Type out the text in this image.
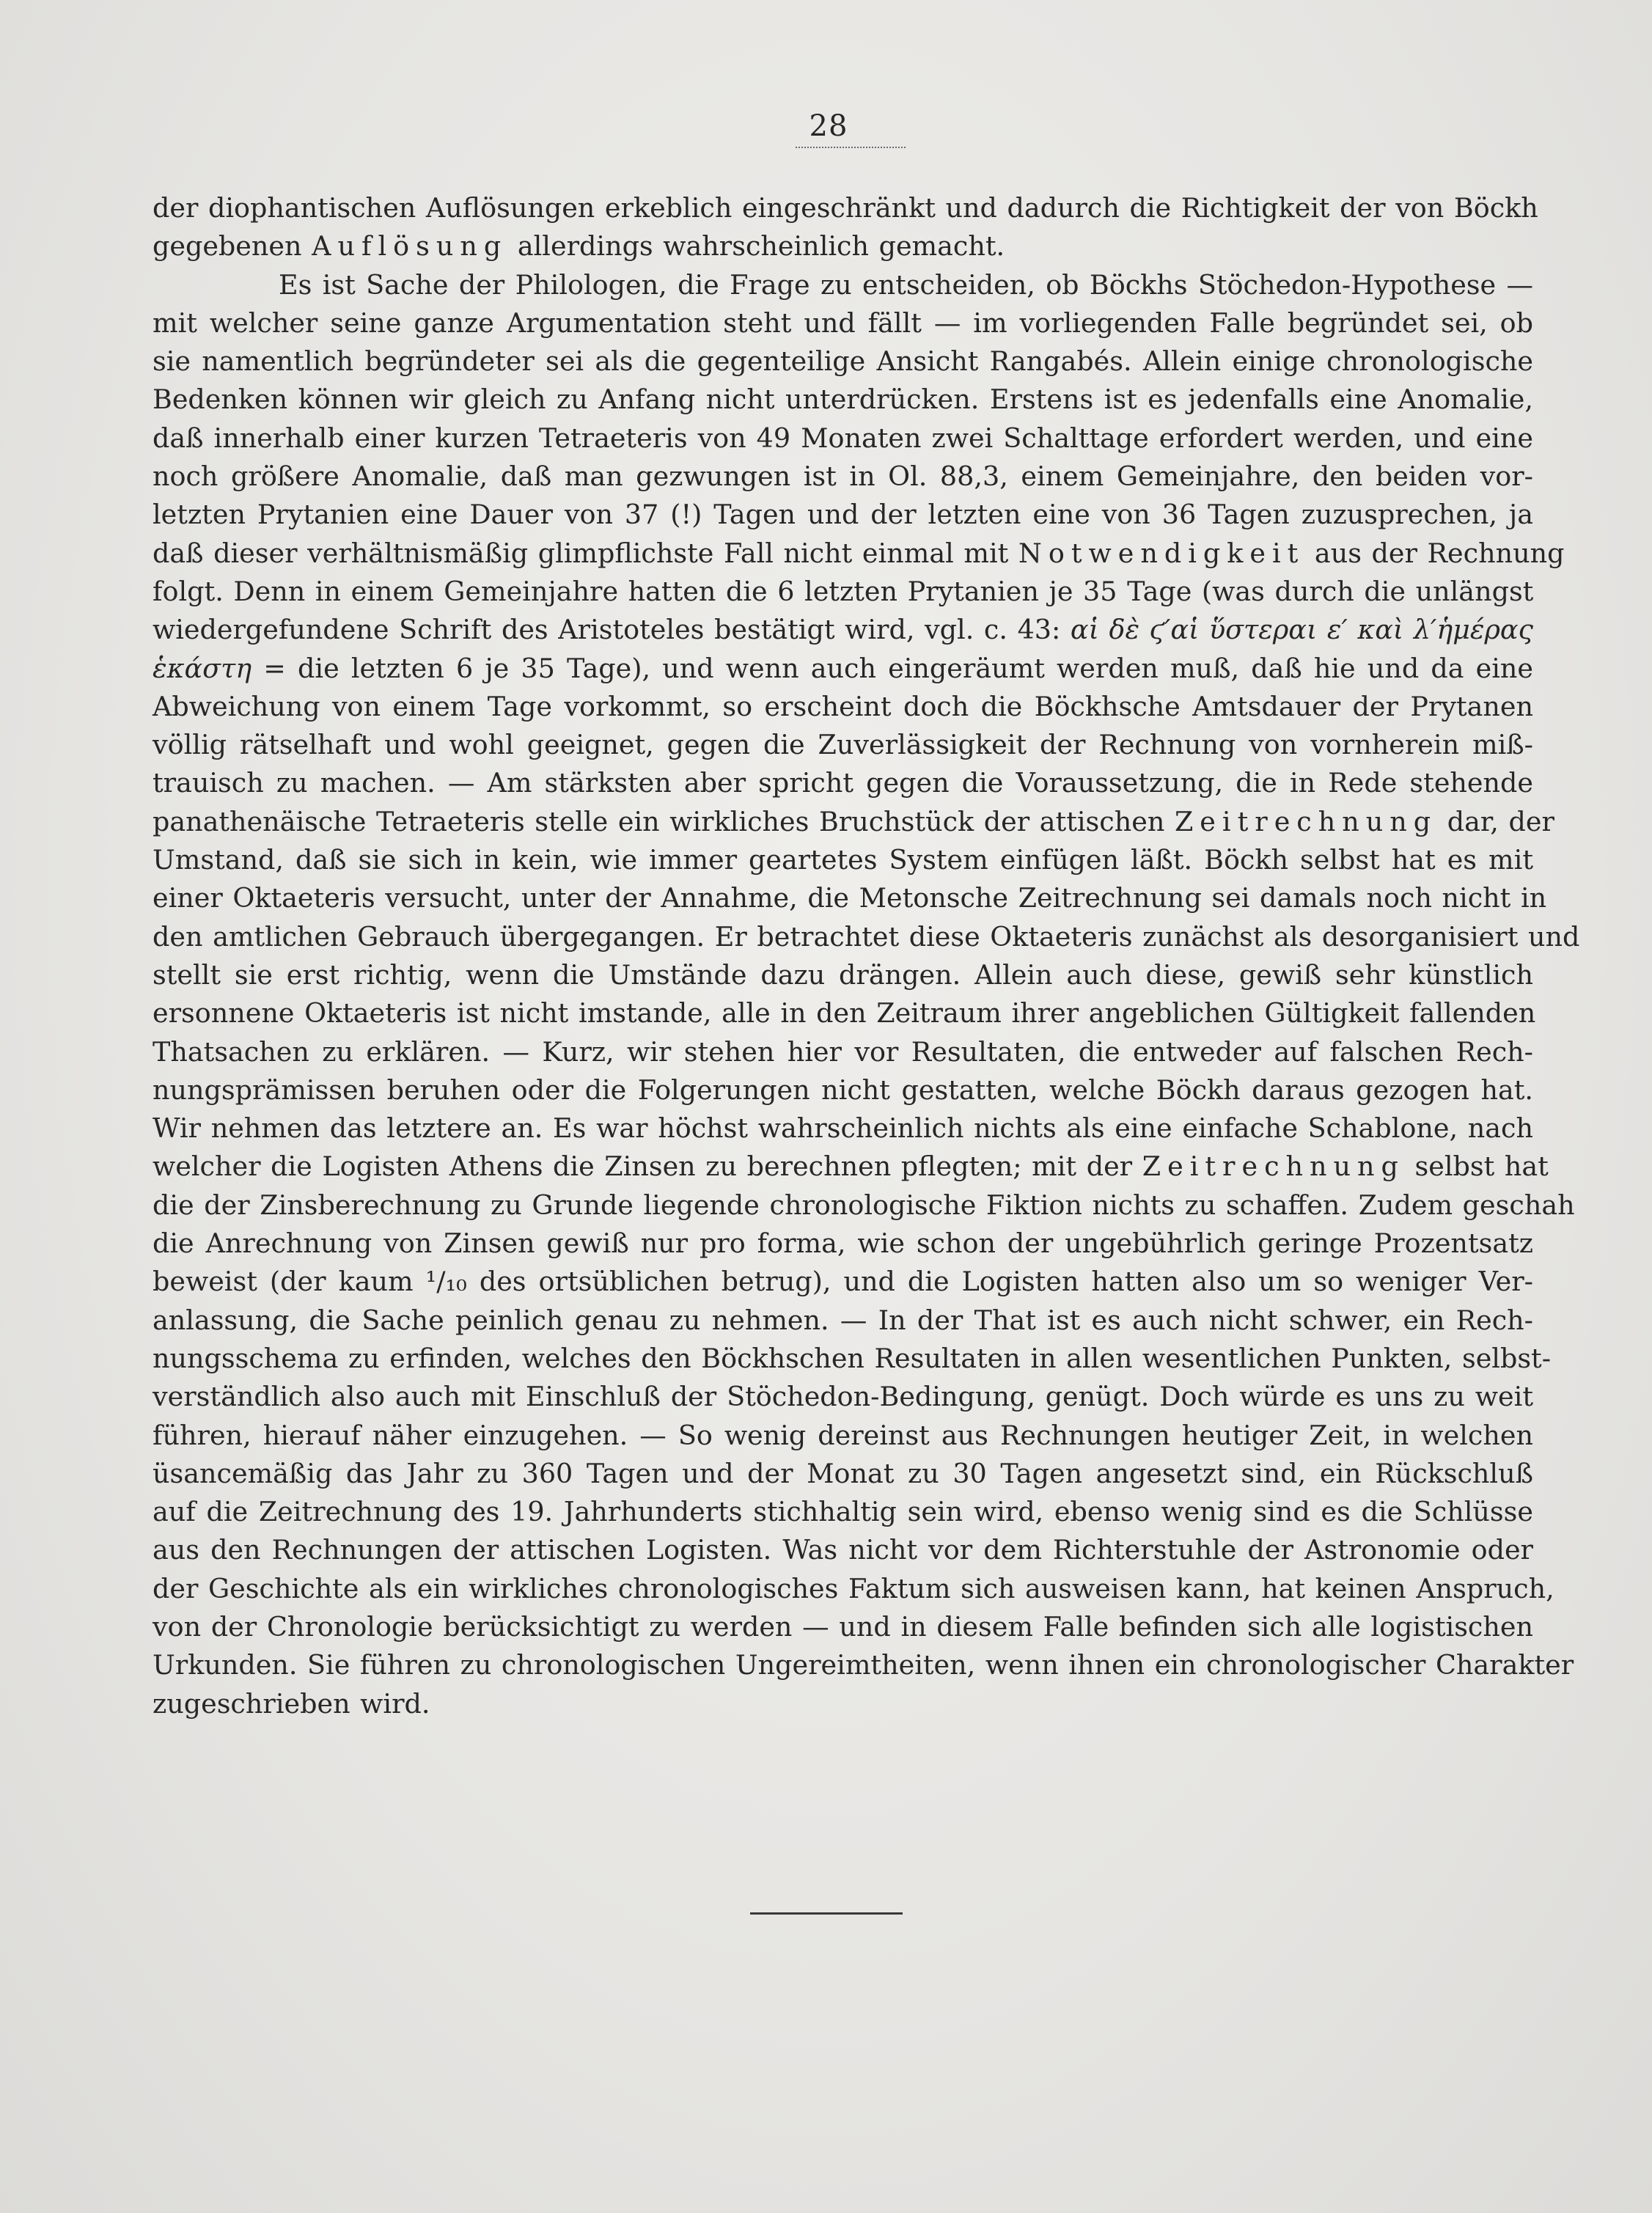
28
der diophantischen Auflösungen erkeblich eingeschränkt und dadurch die Richtigkeit der von Böckh
gegebenen Auflösung allerdings wahrscheinlich gemacht.
Es ist Sache der Philologen, die Frage zu entscheiden, ob Böckhs Stöchedon-Hypothese —
mit welcher seine ganze Argumentation steht und fällt — im vorliegenden Falle begründet sei, ob
sie namentlich begründeter sei als die gegenteilige Ansicht Rangabés. Allein einige chronologische
Bedenken können wir gleich zu Anfang nicht unterdrücken. Erstens ist es jedenfalls eine Anomalie,
daß innerhalb einer kurzen Tetraeteris von 49 Monaten zwei Schalttage erfordert werden, und eine
noch größere Anomalie, daß man gezwungen ist in Ol. 88,3, einem Gemeinjahre, den beiden vor-
letzten Prytanien eine Dauer von 37 (!) Tagen und der letzten eine von 36 Tagen zuzusprechen, ja
daß dieser verhältnismäßig glimpflichste Fall nicht einmal mit Notwendigkeit aus der Rechnung
folgt. Denn in einem Gemeinjahre hatten die 6 letzten Prytanien je 35 Tage (was durch die unlängst
wiedergefundene Schrift des Aristoteles bestätigt wird, vgl. c. 43: αἱ δὲ ϛ′αἱ ὕστεραι ε′ καὶ λ′ἡμέρας
ἑκάστη = die letzten 6 je 35 Tage), und wenn auch eingeräumt werden muß, daß hie und da eine
Abweichung von einem Tage vorkommt, so erscheint doch die Böckhsche Amtsdauer der Prytanen
völlig rätselhaft und wohl geeignet, gegen die Zuverlässigkeit der Rechnung von vornherein miß-
trauisch zu machen. — Am stärksten aber spricht gegen die Voraussetzung, die in Rede stehende
panathenäische Tetraeteris stelle ein wirkliches Bruchstück der attischen Zeitrechnung dar, der
Umstand, daß sie sich in kein, wie immer geartetes System einfügen läßt. Böckh selbst hat es mit
einer Oktaeteris versucht, unter der Annahme, die Metonsche Zeitrechnung sei damals noch nicht in
den amtlichen Gebrauch übergegangen. Er betrachtet diese Oktaeteris zunächst als desorganisiert und
stellt sie erst richtig, wenn die Umstände dazu drängen. Allein auch diese, gewiß sehr künstlich
ersonnene Oktaeteris ist nicht imstande, alle in den Zeitraum ihrer angeblichen Gültigkeit fallenden
Thatsachen zu erklären. — Kurz, wir stehen hier vor Resultaten, die entweder auf falschen Rech-
nungsprämissen beruhen oder die Folgerungen nicht gestatten, welche Böckh daraus gezogen hat.
Wir nehmen das letztere an. Es war höchst wahrscheinlich nichts als eine einfache Schablone, nach
welcher die Logisten Athens die Zinsen zu berechnen pflegten; mit der Zeitrechnung selbst hat
die der Zinsberechnung zu Grunde liegende chronologische Fiktion nichts zu schaffen. Zudem geschah
die Anrechnung von Zinsen gewiß nur pro forma, wie schon der ungebührlich geringe Prozentsatz
beweist (der kaum ¹/₁₀ des ortsüblichen betrug), und die Logisten hatten also um so weniger Ver-
anlassung, die Sache peinlich genau zu nehmen. — In der That ist es auch nicht schwer, ein Rech-
nungsschema zu erfinden, welches den Böckhschen Resultaten in allen wesentlichen Punkten, selbst-
verständlich also auch mit Einschluß der Stöchedon-Bedingung, genügt. Doch würde es uns zu weit
führen, hierauf näher einzugehen. — So wenig dereinst aus Rechnungen heutiger Zeit, in welchen
üsancemäßig das Jahr zu 360 Tagen und der Monat zu 30 Tagen angesetzt sind, ein Rückschluß
auf die Zeitrechnung des 19. Jahrhunderts stichhaltig sein wird, ebenso wenig sind es die Schlüsse
aus den Rechnungen der attischen Logisten. Was nicht vor dem Richterstuhle der Astronomie oder
der Geschichte als ein wirkliches chronologisches Faktum sich ausweisen kann, hat keinen Anspruch,
von der Chronologie berücksichtigt zu werden — und in diesem Falle befinden sich alle logistischen
Urkunden. Sie führen zu chronologischen Ungereimtheiten, wenn ihnen ein chronologischer Charakter
zugeschrieben wird.
